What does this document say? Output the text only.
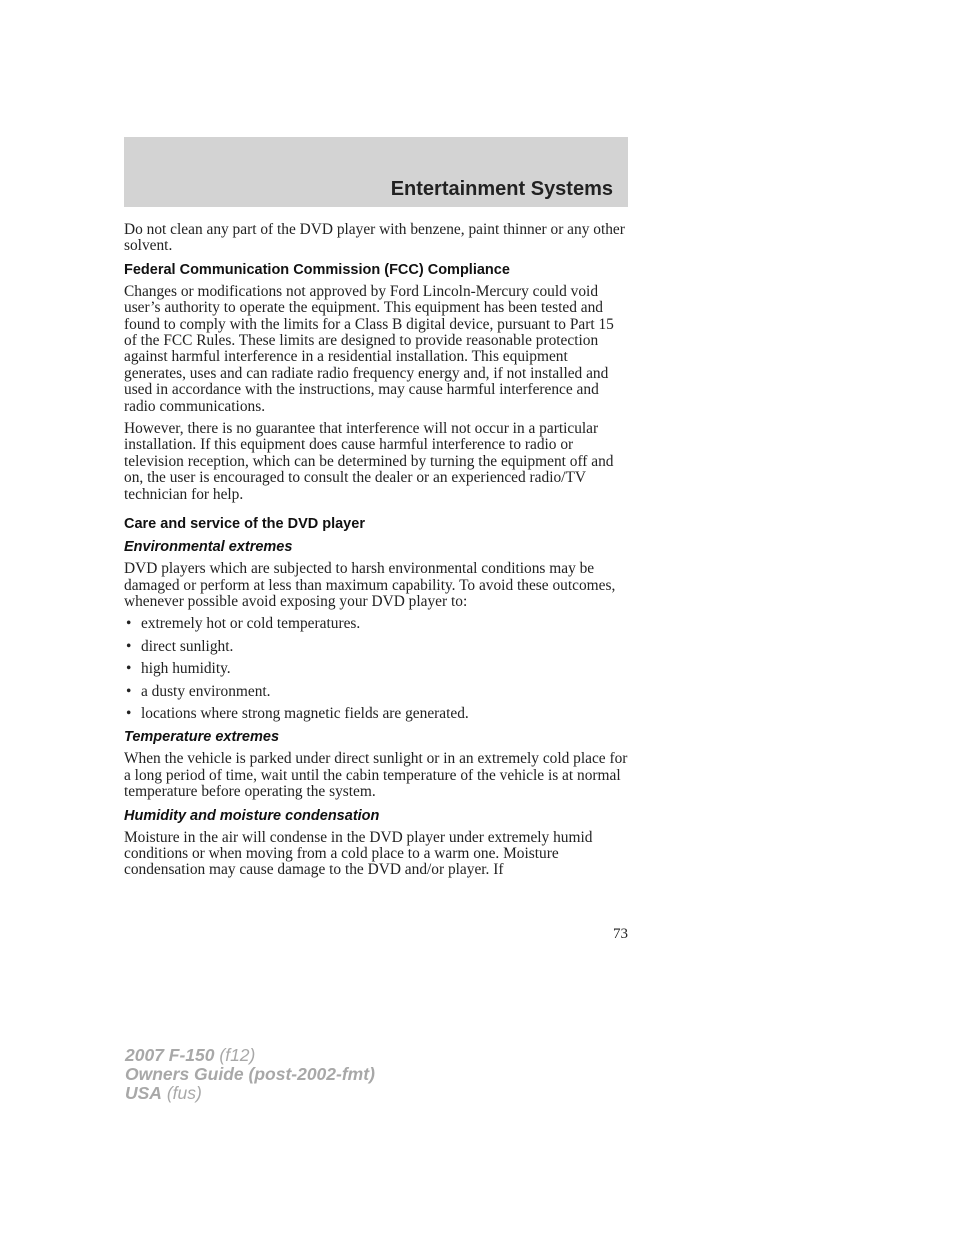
Entertainment Systems

Do not clean any part of the DVD player with benzene, paint thinner or any other solvent.

Federal Communication Commission (FCC) Compliance

Changes or modifications not approved by Ford Lincoln-Mercury could void user’s authority to operate the equipment. This equipment has been tested and found to comply with the limits for a Class B digital device, pursuant to Part 15 of the FCC Rules. These limits are designed to provide reasonable protection against harmful interference in a residential installation. This equipment generates, uses and can radiate radio frequency energy and, if not installed and used in accordance with the instructions, may cause harmful interference and radio communications.

However, there is no guarantee that interference will not occur in a particular installation. If this equipment does cause harmful interference to radio or television reception, which can be determined by turning the equipment off and on, the user is encouraged to consult the dealer or an experienced radio/TV technician for help.

Care and service of the DVD player
Environmental extremes

DVD players which are subjected to harsh environmental conditions may be damaged or perform at less than maximum capability. To avoid these outcomes, whenever possible avoid exposing your DVD player to:

• extremely hot or cold temperatures.
• direct sunlight.
• high humidity.
• a dusty environment.
• locations where strong magnetic fields are generated.
Temperature extremes

When the vehicle is parked under direct sunlight or in an extremely cold place for a long period of time, wait until the cabin temperature of the vehicle is at normal temperature before operating the system.

Humidity and moisture condensation

Moisture in the air will condense in the DVD player under extremely humid conditions or when moving from a cold place to a warm one. Moisture condensation may cause damage to the DVD and/or player. If

73
2007 F-150 (f12)
Owners Guide (post-2002-fmt)
USA (fus)
